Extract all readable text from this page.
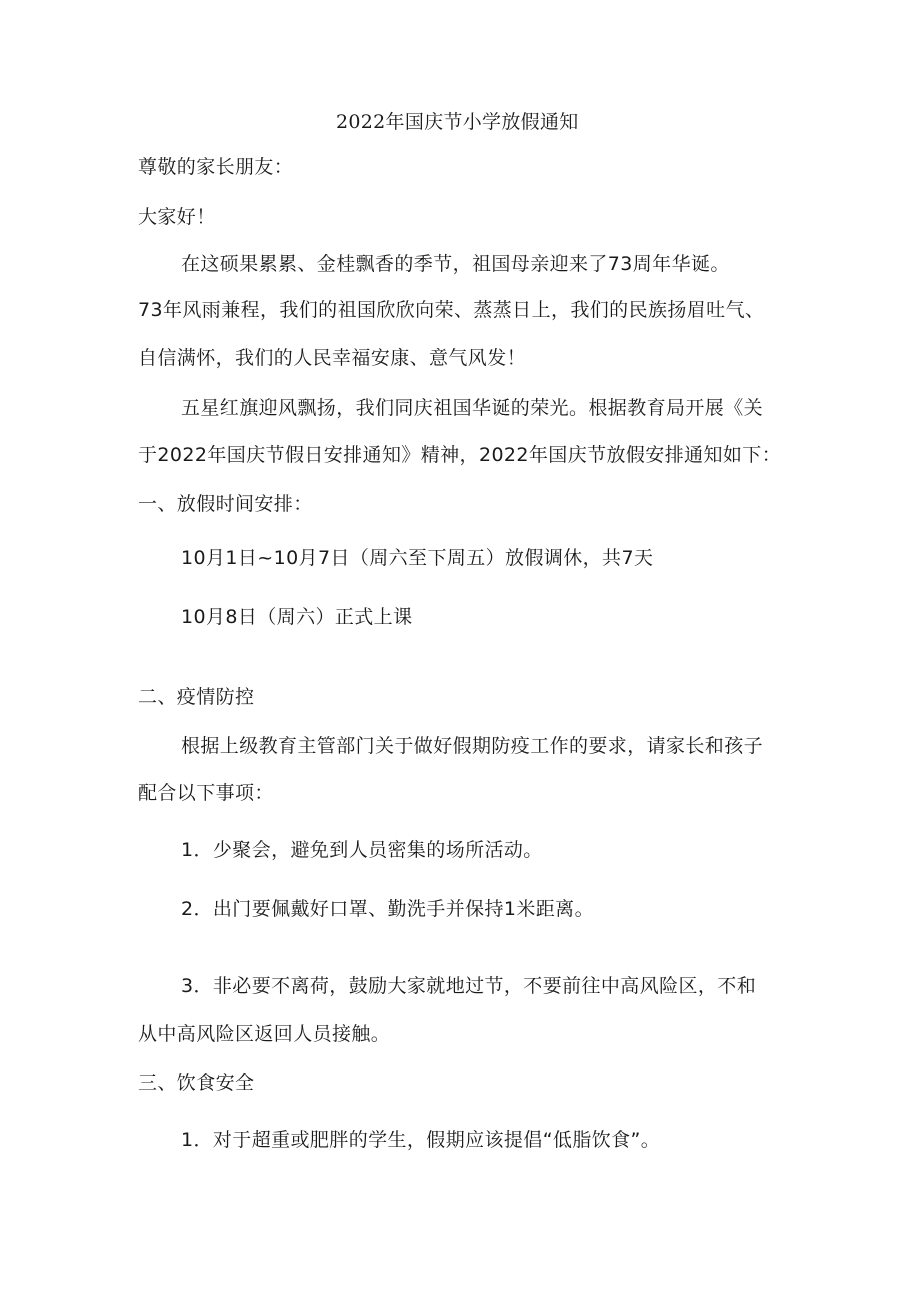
2022年国庆节小学放假通知
尊敬的家长朋友：
大家好！
在这硕果累累、金桂飘香的季节，祖国母亲迎来了73周年华诞。
73年风雨兼程，我们的祖国欣欣向荣、蒸蒸日上，我们的民族扬眉吐气、
自信满怀，我们的人民幸福安康、意气风发！
五星红旗迎风飘扬，我们同庆祖国华诞的荣光。根据教育局开展《关
于2022年国庆节假日安排通知》精神，2022年国庆节放假安排通知如下：
一、放假时间安排：
10月1日~10月7日（周六至下周五）放假调休，共7天
10月8日（周六）正式上课
二、疫情防控
根据上级教育主管部门关于做好假期防疫工作的要求，请家长和孩子
配合以下事项：
1．少聚会，避免到人员密集的场所活动。
2．出门要佩戴好口罩、勤洗手并保持1米距离。
3．非必要不离荷，鼓励大家就地过节，不要前往中高风险区，不和
从中高风险区返回人员接触。
三、饮食安全
1．对于超重或肥胖的学生，假期应该提倡“低脂饮食”。
